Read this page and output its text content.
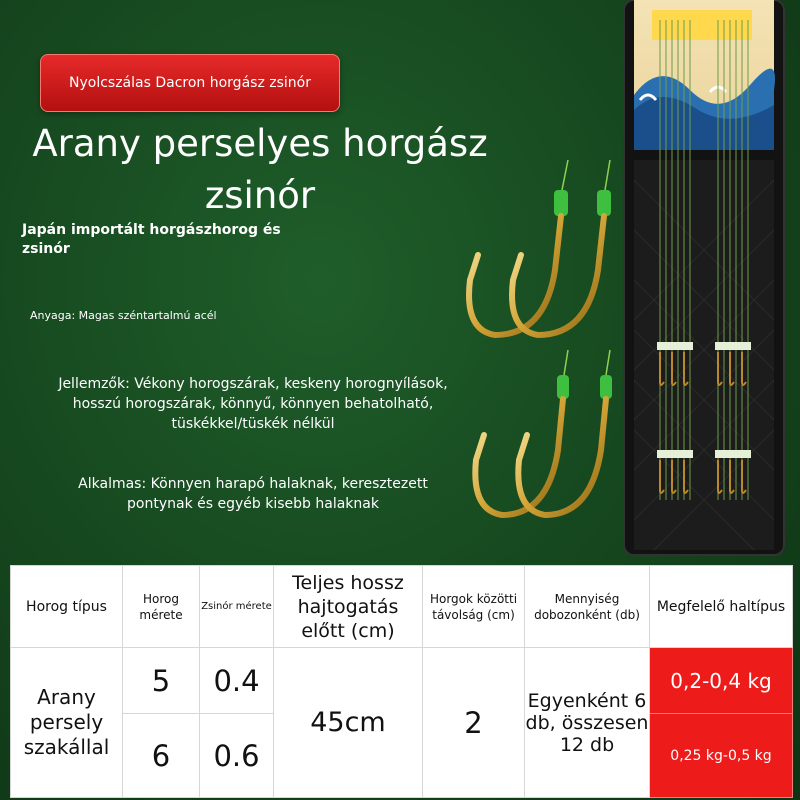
Nyolcszálas Dacron horgász zsinór
Arany perselyes horgász zsinór
Japán importált horgászhorog és zsinór
Anyaga: Magas széntartalmú acél
Jellemzők: Vékony horogszárak, keskeny horognyílások, hosszú horogszárak, könnyű, könnyen behatolható, tüskékkel/tüskék nélkül
Alkalmas: Könnyen harapó halaknak, keresztezett pontynak és egyéb kisebb halaknak
Horog típus	Horog mérete	Zsinór mérete	Teljes hossz hajtogatás előtt (cm)	Horgok közötti távolság (cm)	Mennyiség dobozonként (db)	Megfelelő haltípus
Arany persely szakállal	5	0.4	45cm	2	Egyenként 6 db, összesen 12 db	0,2-0,4 kg
	6	0.6				0,25 kg-0,5 kg
